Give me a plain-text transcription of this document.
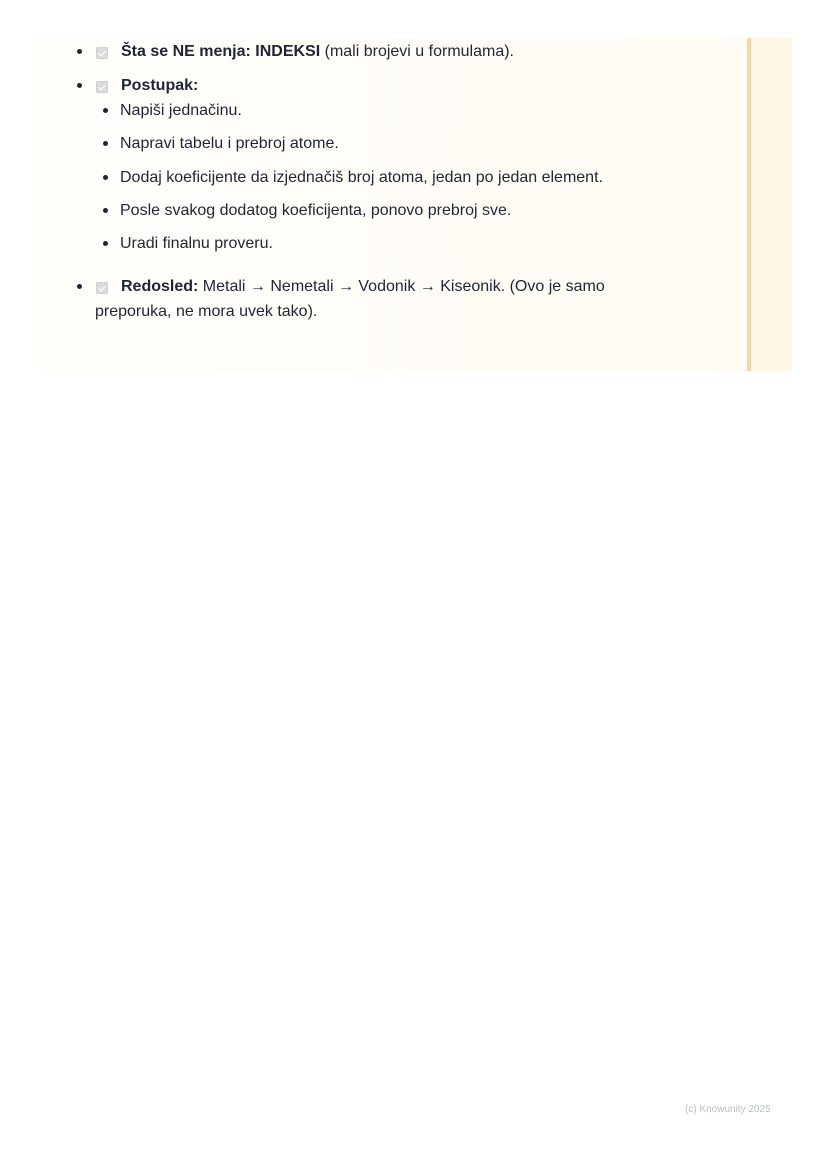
Šta se NE menja: INDEKSI (mali brojevi u formulama).
Postupak:
Napiši jednačinu.
Napravi tabelu i prebroj atome.
Dodaj koeficijente da izjednačiš broj atoma, jedan po jedan element.
Posle svakog dodatog koeficijenta, ponovo prebroj sve.
Uradi finalnu proveru.
Redosled: Metali → Nemetali → Vodonik → Kiseonik. (Ovo je samo
preporuka, ne mora uvek tako).
(c) Knowunity 2025
